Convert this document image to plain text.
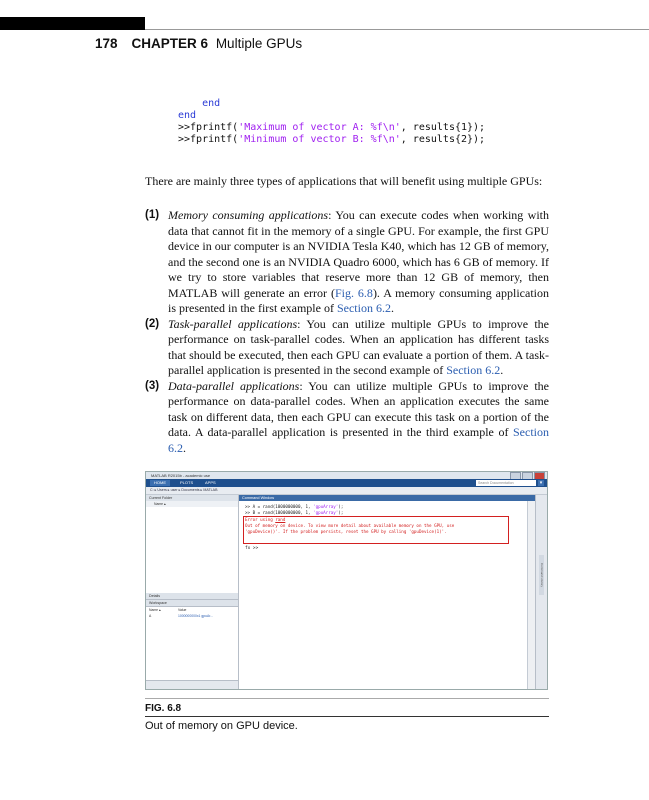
178 CHAPTER 6 Multiple GPUs
end
end
>>fprintf('Maximum of vector A: %f\n', results{1});
>>fprintf('Minimum of vector B: %f\n', results{2});
There are mainly three types of applications that will benefit using multiple GPUs:
(1) Memory consuming applications: You can execute codes when working with data that cannot fit in the memory of a single GPU. For example, the first GPU device in our computer is an NVIDIA Tesla K40, which has 12 GB of memory, and the second one is an NVIDIA Quadro 6000, which has 6 GB of memory. If we try to store variables that reserve more than 12 GB of memory, then MATLAB will generate an error (Fig. 6.8). A memory consuming application is presented in the first example of Section 6.2.
(2) Task-parallel applications: You can utilize multiple GPUs to improve the performance on task-parallel codes. When an application has different tasks that should be executed, then each GPU can evaluate a portion of them. A task-parallel application is presented in the second example of Section 6.2.
(3) Data-parallel applications: You can utilize multiple GPUs to improve the performance on data-parallel codes. When an application executes the same task on different data, then each GPU can execute this task on a portion of the data. A data-parallel application is presented in the third example of Section 6.2.
MATLAB R2015b - academic use
HOME	PLOTS	APPS	Search Documentation	▾
C: ▸ Users ▸ user ▸ Documents ▸ MATLAB
Current Folder
Name ▴
Details
Workspace
Name ▴	Value
A	1000000000x1 gpuAr...
Command Window
>> A = rand(1000000000, 1, 'gpuArray');
>> B = rand(1000000000, 1, 'gpuArray');
Error using rand
Out of memory on device. To view more detail about available memory on the GPU, use
'gpuDevice()'. If the problem persists, reset the GPU by calling 'gpuDevice(1)'.
fx >>
Command History
FIG. 6.8
Out of memory on GPU device.
